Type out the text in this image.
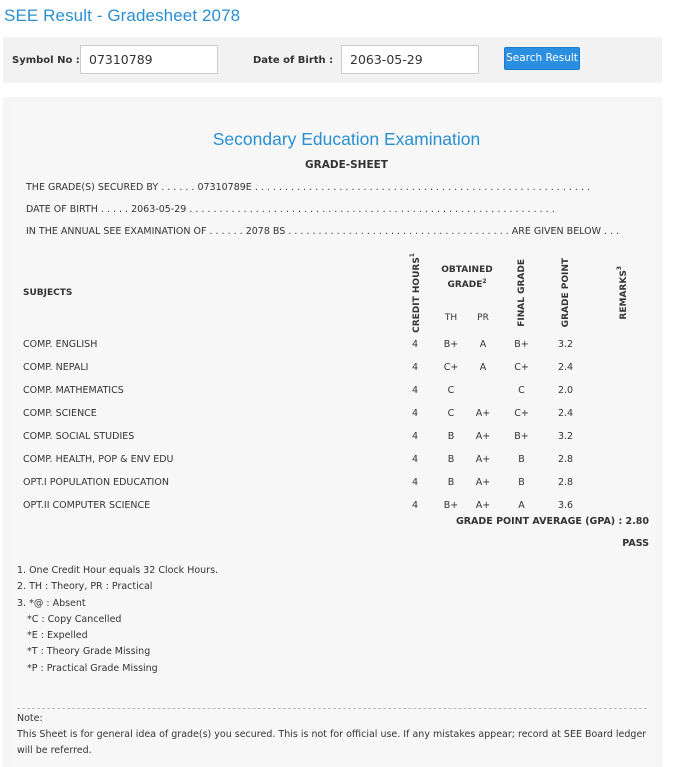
SEE Result - Gradesheet 2078
Symbol No : 07310789	Date of Birth :	2063-05-29	Search Result
Secondary Education Examination
GRADE-SHEET
THE GRADE(S) SECURED BY . . . . . . 07310789E . . . . . . . . . . . . . . . . . . . . . . . . . . . . . . . . . . . . . . . . . . . . . . . . . . . . . . . .
DATE OF BIRTH . . . . . 2063-05-29 . . . . . . . . . . . . . . . . . . . . . . . . . . . . . . . . . . . . . . . . . . . . . . . . . . . . . . . . . . . . .
IN THE ANNUAL SEE EXAMINATION OF . . . . . . 2078 BS . . . . . . . . . . . . . . . . . . . . . . . . . . . . . . . . . . . . . ARE GIVEN BELOW . . .
SUBJECTS	CREDIT HOURS$^1$	OBTAINED GRADE$^2$		FINAL GRADE	GRADE POINT	REMARKS$^3$

		TH	PR			
COMP. ENGLISH	4	B+	A	B+	3.2	
COMP. NEPALI	4	C+	A	C+	2.4	
COMP. MATHEMATICS	4	C		C	2.0	
COMP. SCIENCE	4	C	A+	C+	2.4	
COMP. SOCIAL STUDIES	4	B	A+	B+	3.2	
COMP. HEALTH, POP & ENV EDU	4	B	A+	B	2.8	
OPT.I POPULATION EDUCATION	4	B	A+	B	2.8	
OPT.II COMPUTER SCIENCE	4	B+	A+	A	3.6	
GRADE POINT AVERAGE (GPA) : 2.80
PASS
1. One Credit Hour equals 32 Clock Hours.
2. TH : Theory, PR : Practical
3. *@ : Absent
*C : Copy Cancelled
*E : Expelled
*T : Theory Grade Missing
*P : Practical Grade Missing
Note:
This Sheet is for general idea of grade(s) you secured. This is not for official use. If any mistakes appear; record at SEE Board ledger will be referred.
